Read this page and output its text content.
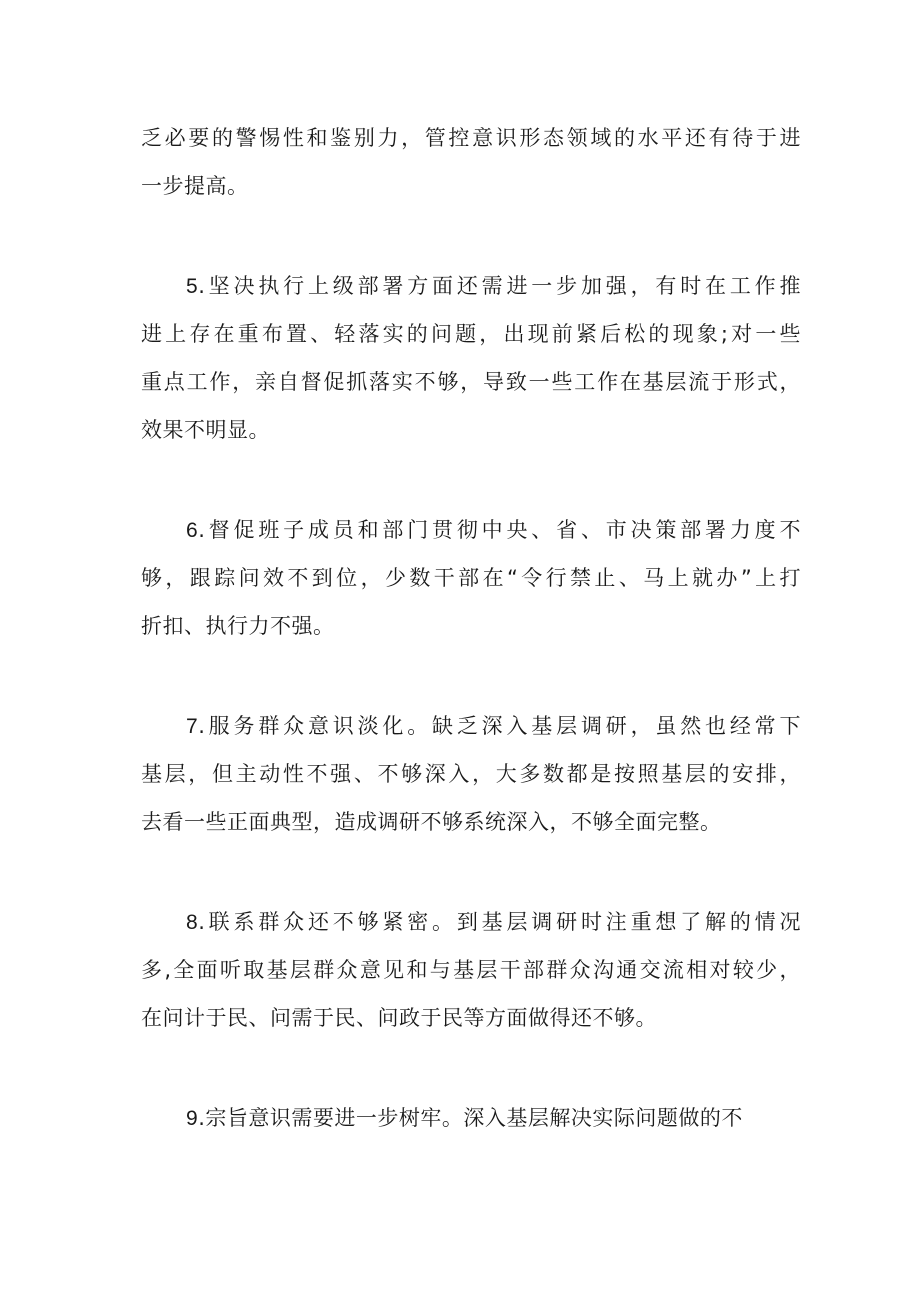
乏必要的警惕性和鉴别力，管控意识形态领域的水平还有待于进
一步提高。
5.坚决执行上级部署方面还需进一步加强，有时在工作推
进上存在重布置、轻落实的问题，出现前紧后松的现象;对一些
重点工作，亲自督促抓落实不够，导致一些工作在基层流于形式，
效果不明显。
6.督促班子成员和部门贯彻中央、省、市决策部署力度不
够，跟踪问效不到位，少数干部在“令行禁止、马上就办”上打
折扣、执行力不强。
7.服务群众意识淡化。缺乏深入基层调研，虽然也经常下
基层，但主动性不强、不够深入，大多数都是按照基层的安排，
去看一些正面典型，造成调研不够系统深入，不够全面完整。
8.联系群众还不够紧密。到基层调研时注重想了解的情况
多,全面听取基层群众意见和与基层干部群众沟通交流相对较少，
在问计于民、问需于民、问政于民等方面做得还不够。
9.宗旨意识需要进一步树牢。深入基层解决实际问题做的不
